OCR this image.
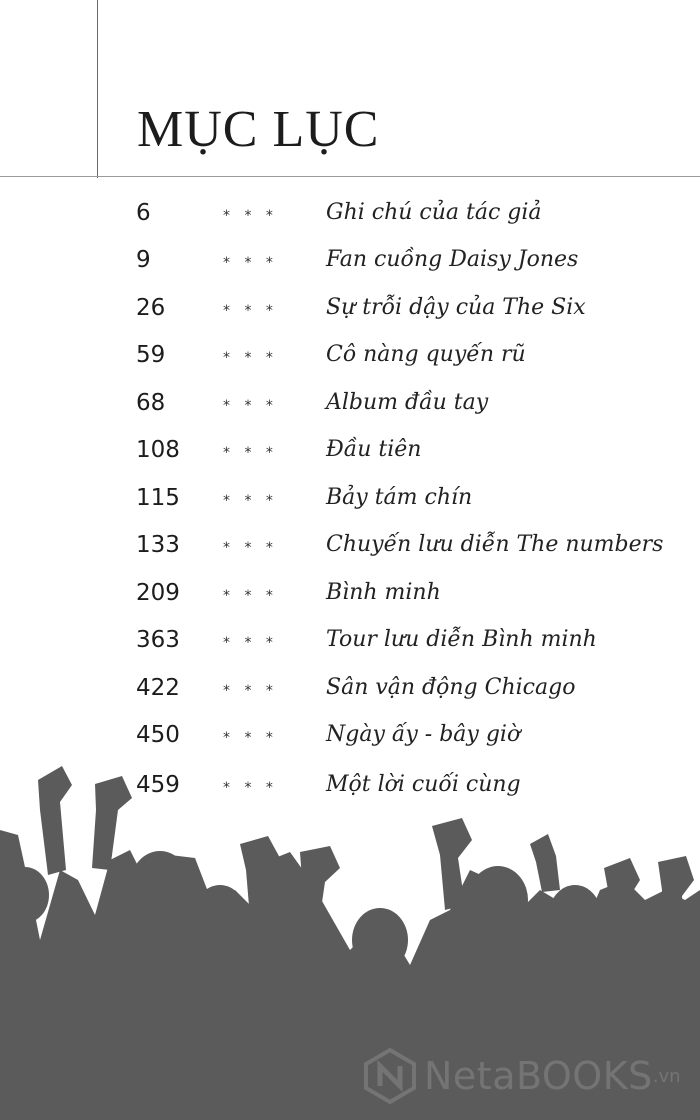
MỤC LỤC
6	* * * Ghi chú của tác giả
9	* * * Fan cuồng Daisy Jones
26	* * * Sự trỗi dậy của The Six
59	* * * Cô nàng quyến rũ
68	* * * Album đầu tay
108	* * * Đầu tiên
115	* * * Bảy tám chín
133	* * * Chuyến lưu diễn The numbers
209	* * * Bình minh
363	* * * Tour lưu diễn Bình minh
422	* * * Sân vận động Chicago
450	* * * Ngày ấy - bây giờ
459	* * * Một lời cuối cùng
NetaBOOKS .vn
